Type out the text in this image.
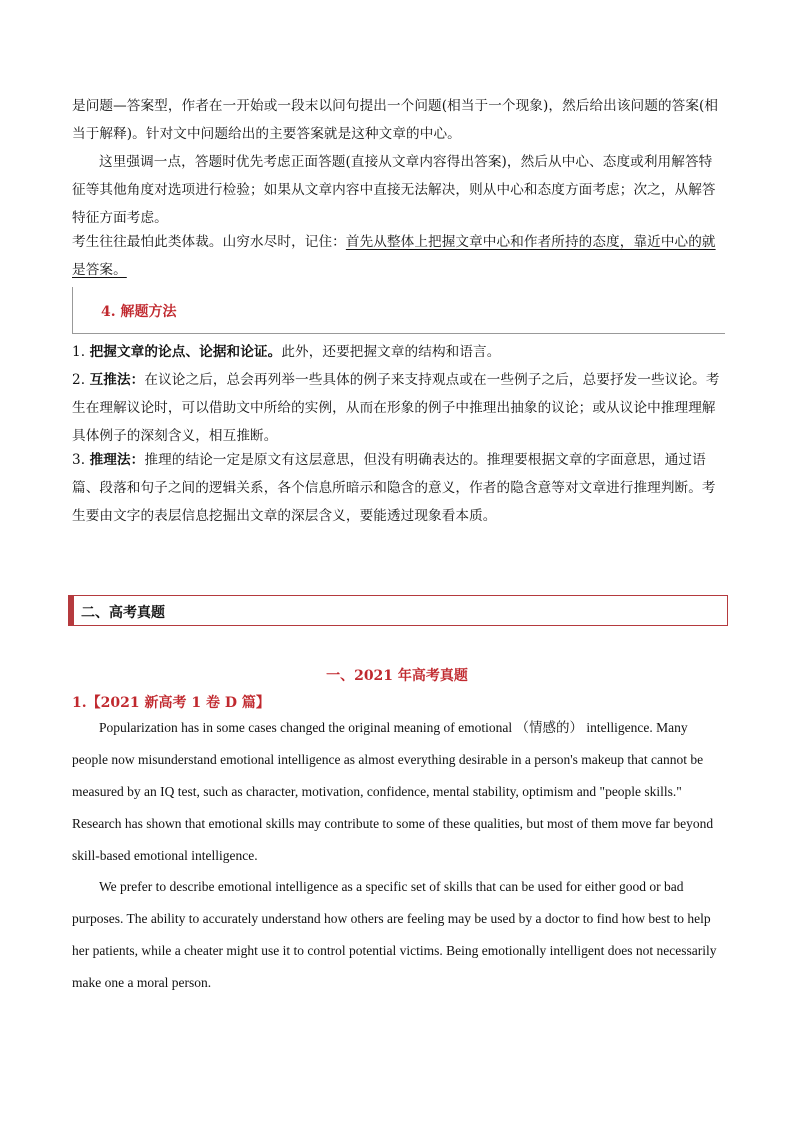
是问题—答案型，作者在一开始或一段末以问句提出一个问题(相当于一个现象)，然后给出该问题的答案(相当于解释)。针对文中问题给出的主要答案就是这种文章的中心。

这里强调一点，答题时优先考虑正面答题(直接从文章内容得出答案)，然后从中心、态度或利用解答特征等其他角度对选项进行检验；如果从文章内容中直接无法解决，则从中心和态度方面考虑；次之，从解答特征方面考虑。

考生往往最怕此类体裁。山穷水尽时，记住：首先从整体上把握文章中心和作者所持的态度，靠近中心的就是答案。

4. 解题方法

1. 把握文章的论点、论据和论证。此外，还要把握文章的结构和语言。

2. 互推法：在议论之后，总会再列举一些具体的例子来支持观点或在一些例子之后，总要抒发一些议论。考生在理解议论时，可以借助文中所给的实例，从而在形象的例子中推理出抽象的议论；或从议论中推理理解具体例子的深刻含义，相互推断。

3. 推理法：推理的结论一定是原文有这层意思，但没有明确表达的。推理要根据文章的字面意思，通过语篇、段落和句子之间的逻辑关系，各个信息所暗示和隐含的意义，作者的隐含意等对文章进行推理判断。考生要由文字的表层信息挖掘出文章的深层含义，要能透过现象看本质。

二、高考真题
一、2021 年高考真题
1.【2021 新高考 1 卷 D 篇】

Popularization has in some cases changed the original meaning of emotional （情感的） intelligence. Many people now misunderstand emotional intelligence as almost everything desirable in a person's makeup that cannot be measured by an IQ test, such as character, motivation, confidence, mental stability, optimism and "people skills." Research has shown that emotional skills may contribute to some of these qualities, but most of them move far beyond skill-based emotional intelligence.

We prefer to describe emotional intelligence as a specific set of skills that can be used for either good or bad purposes. The ability to accurately understand how others are feeling may be used by a doctor to find how best to help her patients, while a cheater might use it to control potential victims. Being emotionally intelligent does not necessarily make one a moral person.
